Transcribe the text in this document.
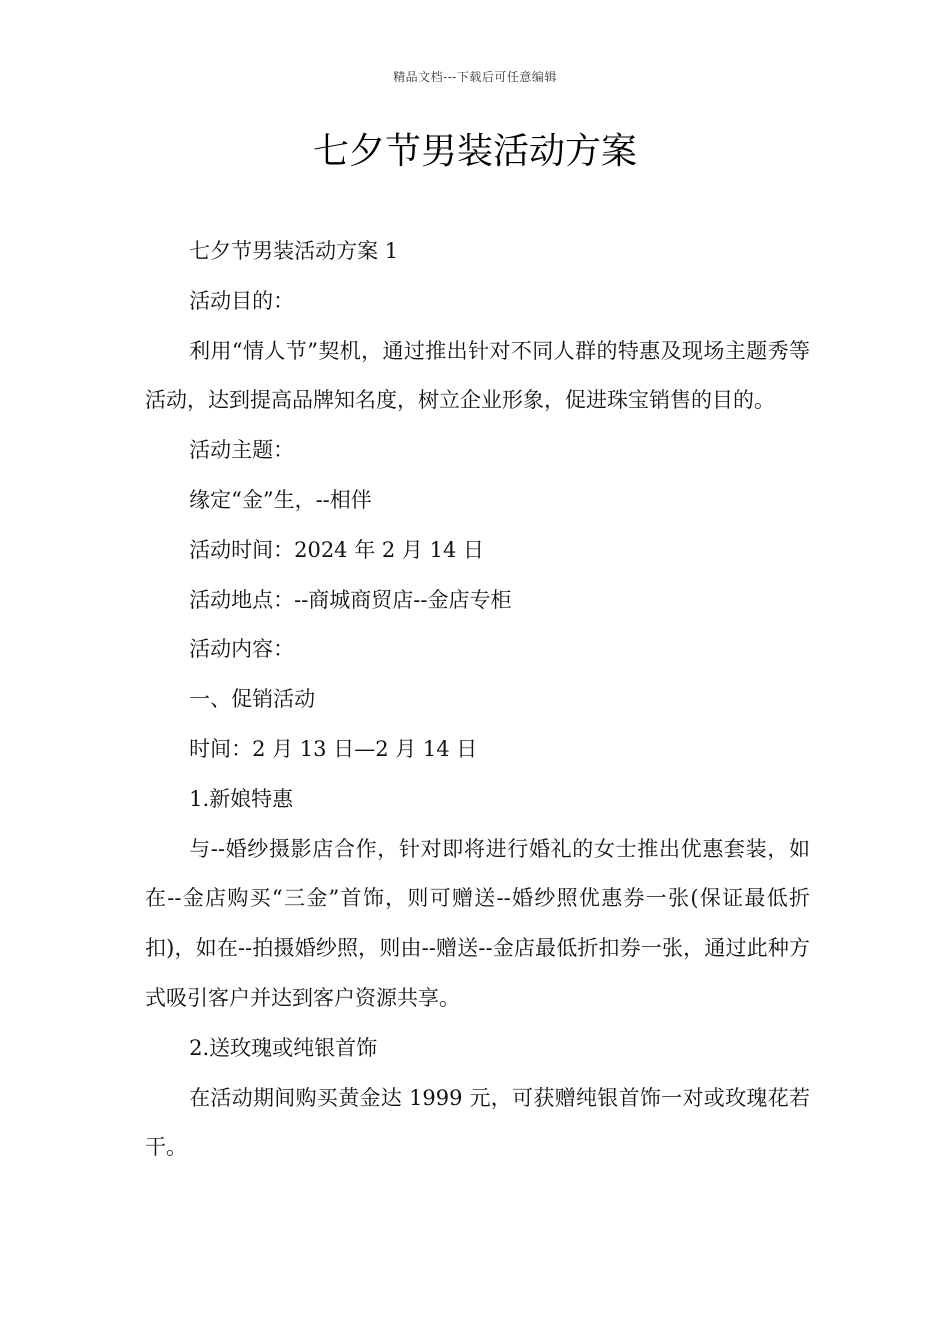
精品文档---下载后可任意编辑
七夕节男装活动方案

七夕节男装活动方案 1

活动目的：

利用“情人节”契机，通过推出针对不同人群的特惠及现场主题秀等活动，达到提高品牌知名度，树立企业形象，促进珠宝销售的目的。

活动主题：

缘定“金”生，--相伴

活动时间：2024 年 2 月 14 日

活动地点：--商城商贸店--金店专柜

活动内容：

一、促销活动

时间：2 月 13 日—2 月 14 日

1.新娘特惠

与--婚纱摄影店合作，针对即将进行婚礼的女士推出优惠套装，如在--金店购买“三金”首饰，则可赠送--婚纱照优惠券一张(保证最低折扣)，如在--拍摄婚纱照，则由--赠送--金店最低折扣券一张，通过此种方式吸引客户并达到客户资源共享。

2.送玫瑰或纯银首饰

在活动期间购买黄金达 1999 元，可获赠纯银首饰一对或玫瑰花若干。
